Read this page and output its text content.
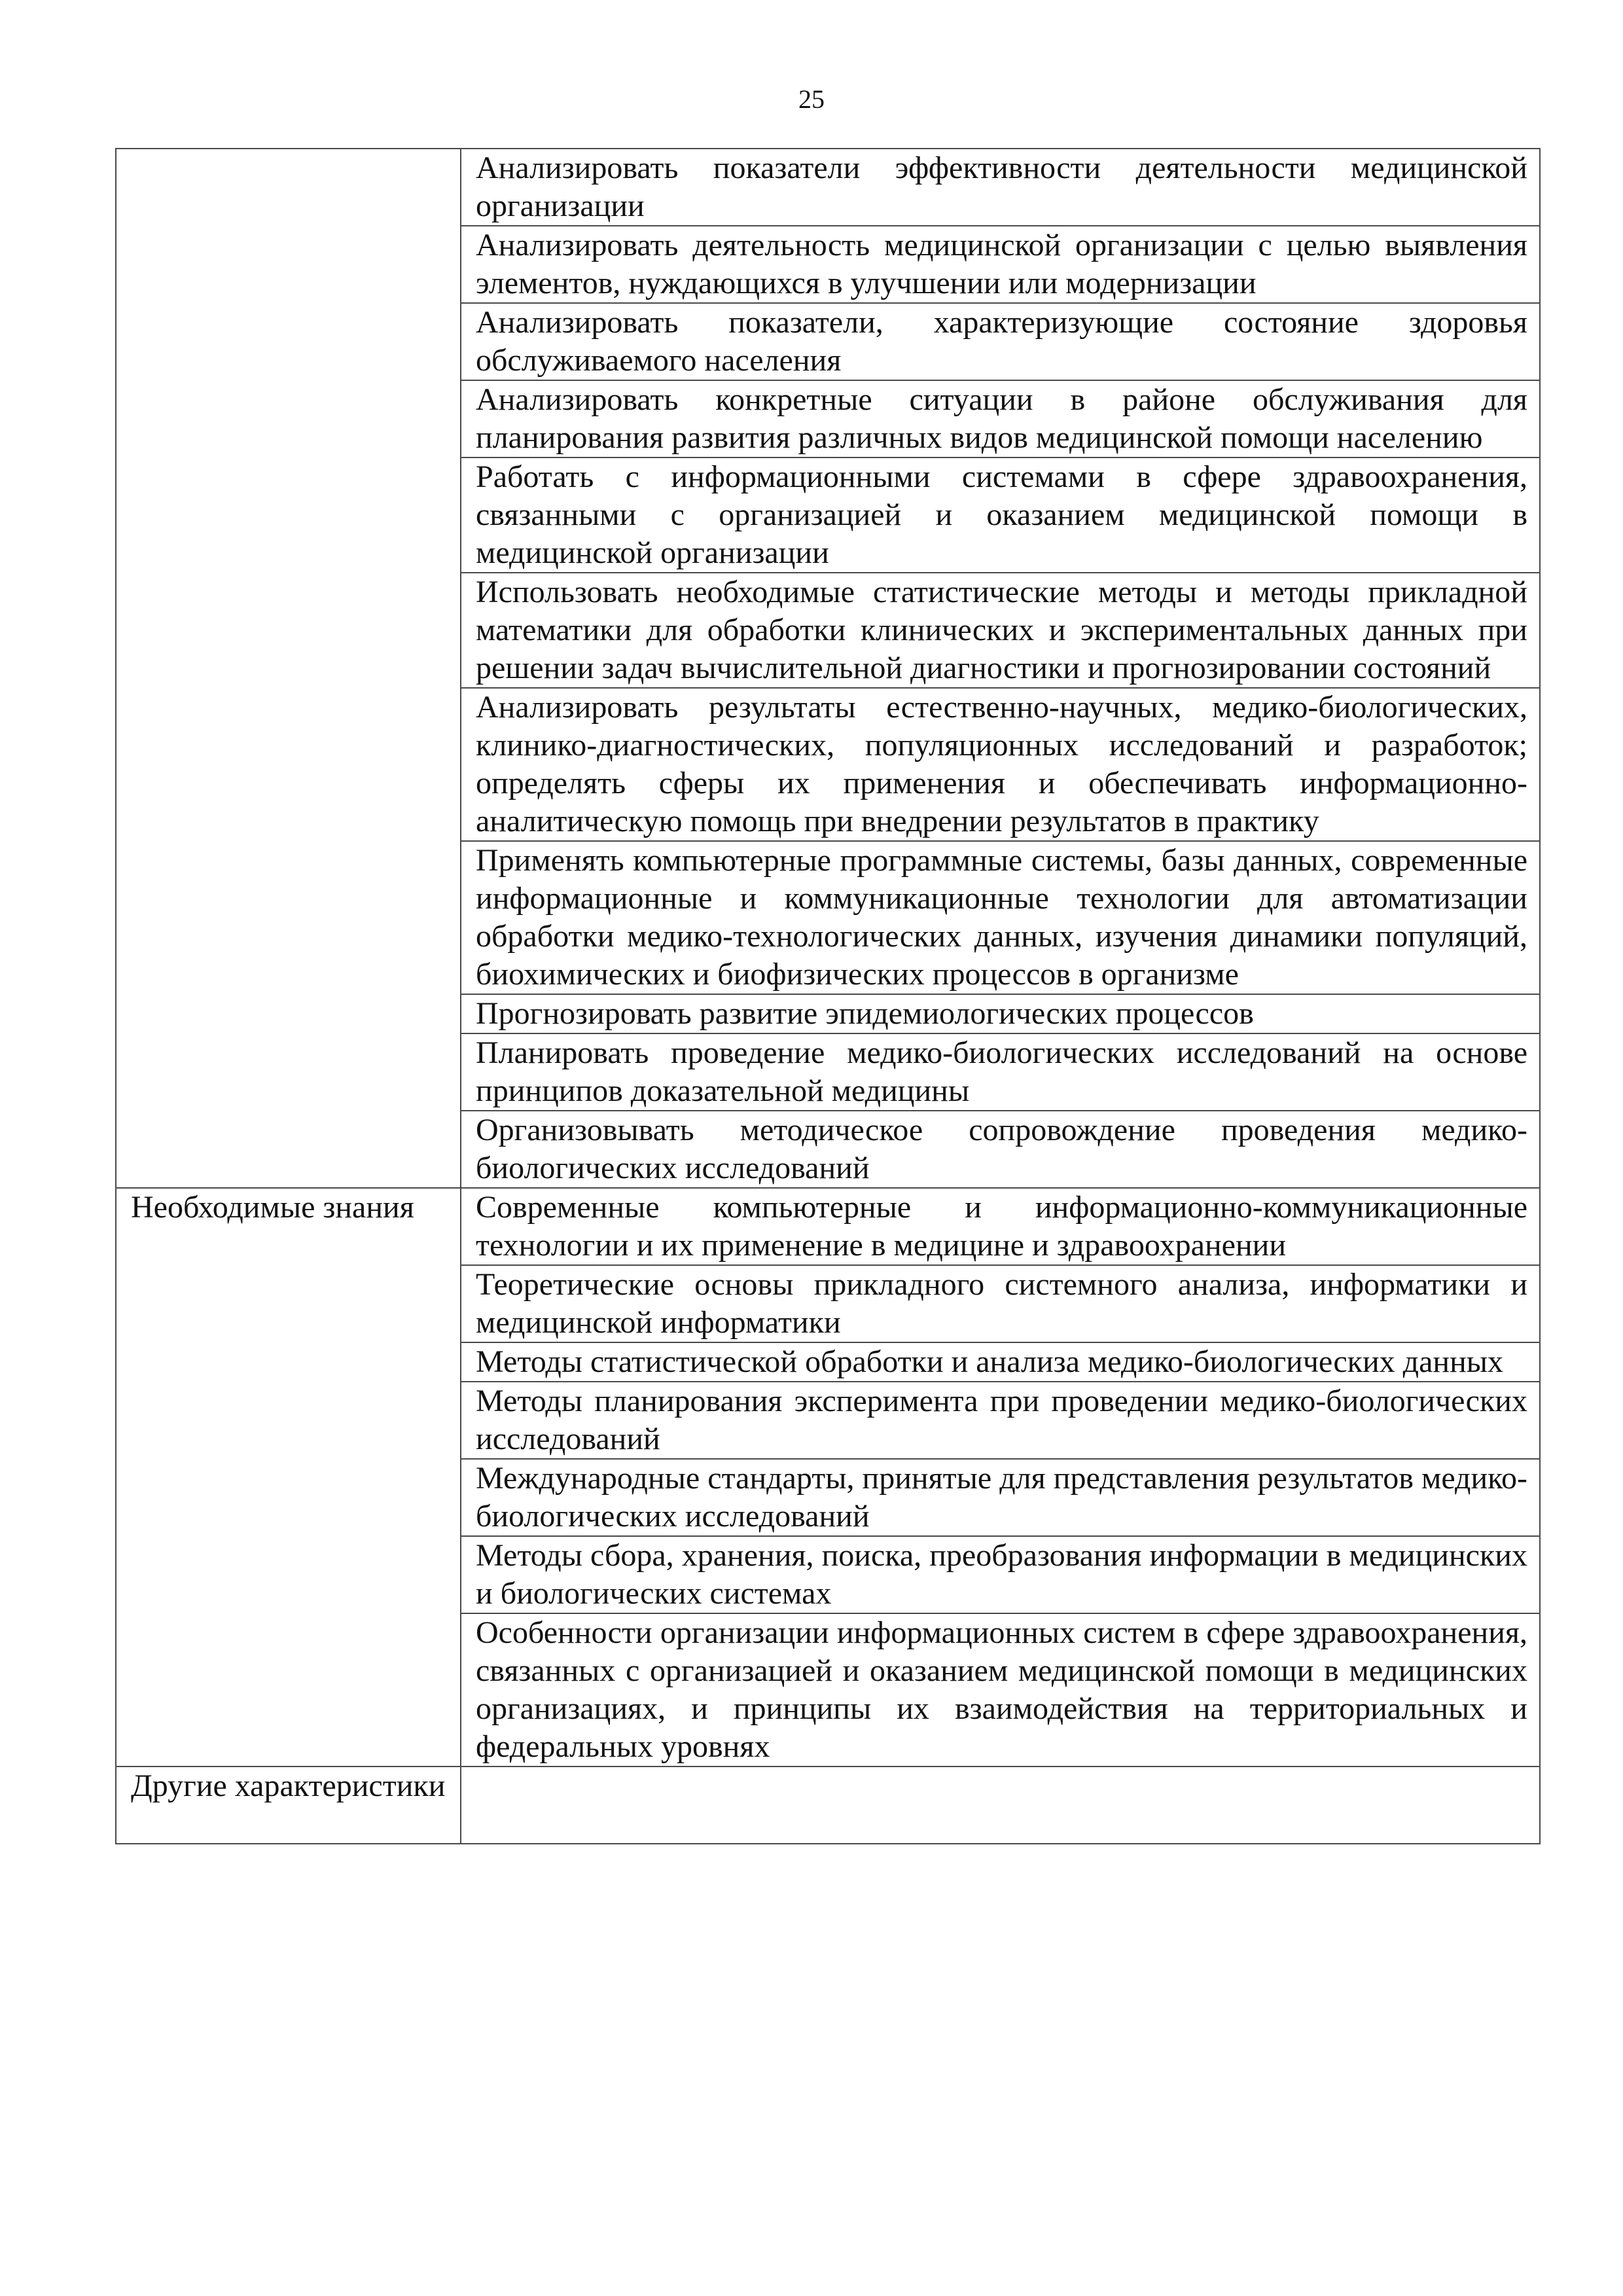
25
	Анализировать показатели эффективности деятельности медицинской организации
	Анализировать деятельность медицинской организации с целью выявления элементов, нуждающихся в улучшении или модернизации
	Анализировать показатели, характеризующие состояние здоровья обслуживаемого населения
	Анализировать конкретные ситуации в районе обслуживания для планирования развития различных видов медицинской помощи населению
	Работать с информационными системами в сфере здравоохранения, связанными с организацией и оказанием медицинской помощи в медицинской организации
	Использовать необходимые статистические методы и методы прикладной математики для обработки клинических и экспериментальных данных при решении задач вычислительной диагностики и прогнозировании состояний
	Анализировать результаты естественно-научных, медико-биологических, клинико-диагностических, популяционных исследований и разработок; определять сферы их применения и обеспечивать информационно-аналитическую помощь при внедрении результатов в практику
	Применять компьютерные программные системы, базы данных, современные информационные и коммуникационные технологии для автоматизации обработки медико-технологических данных, изучения динамики популяций, биохимических и биофизических процессов в организме
	Прогнозировать развитие эпидемиологических процессов
	Планировать проведение медико-биологических исследований на основе принципов доказательной медицины
	Организовывать методическое сопровождение проведения медико-биологических исследований
Необходимые знания	Современные компьютерные и информационно-коммуникационные технологии и их применение в медицине и здравоохранении
	Теоретические основы прикладного системного анализа, информатики и медицинской информатики
	Методы статистической обработки и анализа медико-биологических данных
	Методы планирования эксперимента при проведении медико-биологических исследований
	Международные стандарты, принятые для представления результатов медико-биологических исследований
	Методы сбора, хранения, поиска, преобразования информации в медицинских и биологических системах
	Особенности организации информационных систем в сфере здравоохранения, связанных с организацией и оказанием медицинской помощи в медицинских организациях, и принципы их взаимодействия на территориальных и федеральных уровнях
Другие характеристики	
